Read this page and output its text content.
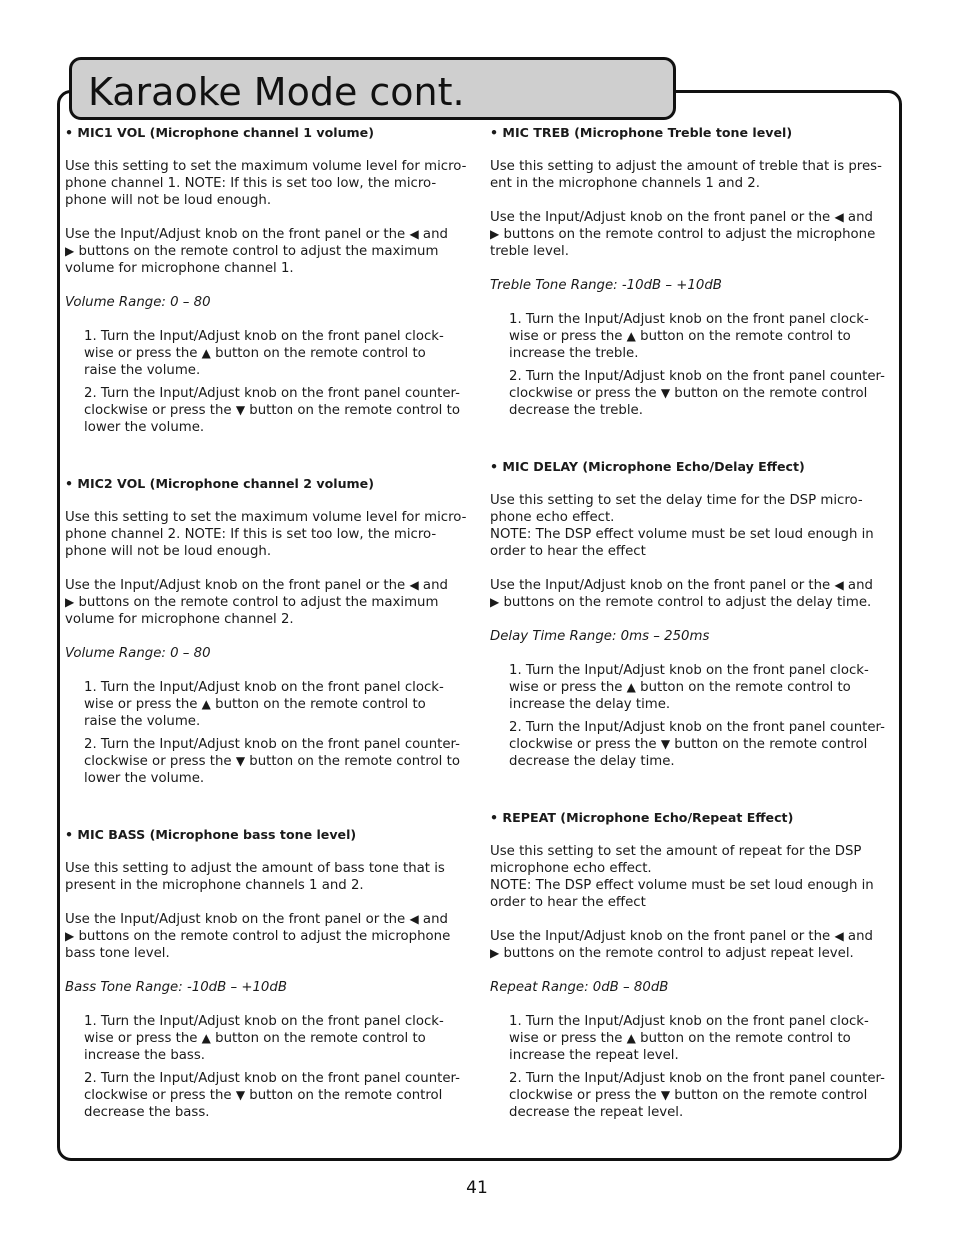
Karaoke Mode cont.
• MIC1 VOL (Microphone channel 1 volume)
Use this setting to set the maximum volume level for micro-
phone channel 1. NOTE: If this is set too low, the micro-
phone will not be loud enough.
Use the Input/Adjust knob on the front panel or the ◀ and
▶ buttons on the remote control to adjust the maximum
volume for microphone channel 1.
Volume Range: 0 – 80
1. Turn the Input/Adjust knob on the front panel clock-
wise or press the ▲ button on the remote control to
raise the volume.
2. Turn the Input/Adjust knob on the front panel counter-
clockwise or press the ▼ button on the remote control to
lower the volume.
• MIC2 VOL (Microphone channel 2 volume)
Use this setting to set the maximum volume level for micro-
phone channel 2. NOTE: If this is set too low, the micro-
phone will not be loud enough.
Use the Input/Adjust knob on the front panel or the ◀ and
▶ buttons on the remote control to adjust the maximum
volume for microphone channel 2.
Volume Range: 0 – 80
1. Turn the Input/Adjust knob on the front panel clock-
wise or press the ▲ button on the remote control to
raise the volume.
2. Turn the Input/Adjust knob on the front panel counter-
clockwise or press the ▼ button on the remote control to
lower the volume.
• MIC BASS (Microphone bass tone level)
Use this setting to adjust the amount of bass tone that is
present in the microphone channels 1 and 2.
Use the Input/Adjust knob on the front panel or the ◀ and
▶ buttons on the remote control to adjust the microphone
bass tone level.
Bass Tone Range: -10dB – +10dB
1. Turn the Input/Adjust knob on the front panel clock-
wise or press the ▲ button on the remote control to
increase the bass.
2. Turn the Input/Adjust knob on the front panel counter-
clockwise or press the ▼ button on the remote control
decrease the bass.
• MIC TREB (Microphone Treble tone level)
Use this setting to adjust the amount of treble that is pres-
ent in the microphone channels 1 and 2.
Use the Input/Adjust knob on the front panel or the ◀ and
▶ buttons on the remote control to adjust the microphone
treble level.
Treble Tone Range: -10dB – +10dB
1. Turn the Input/Adjust knob on the front panel clock-
wise or press the ▲ button on the remote control to
increase the treble.
2. Turn the Input/Adjust knob on the front panel counter-
clockwise or press the ▼ button on the remote control
decrease the treble.
• MIC DELAY (Microphone Echo/Delay Effect)
Use this setting to set the delay time for the DSP micro-
phone echo effect.
NOTE: The DSP effect volume must be set loud enough in
order to hear the effect
Use the Input/Adjust knob on the front panel or the ◀ and
▶ buttons on the remote control to adjust the delay time.
Delay Time Range: 0ms – 250ms
1. Turn the Input/Adjust knob on the front panel clock-
wise or press the ▲ button on the remote control to
increase the delay time.
2. Turn the Input/Adjust knob on the front panel counter-
clockwise or press the ▼ button on the remote control
decrease the delay time.
• REPEAT (Microphone Echo/Repeat Effect)
Use this setting to set the amount of repeat for the DSP
microphone echo effect.
NOTE: The DSP effect volume must be set loud enough in
order to hear the effect
Use the Input/Adjust knob on the front panel or the ◀ and
▶ buttons on the remote control to adjust repeat level.
Repeat Range: 0dB – 80dB
1. Turn the Input/Adjust knob on the front panel clock-
wise or press the ▲ button on the remote control to
increase the repeat level.
2. Turn the Input/Adjust knob on the front panel counter-
clockwise or press the ▼ button on the remote control
decrease the repeat level.
41
